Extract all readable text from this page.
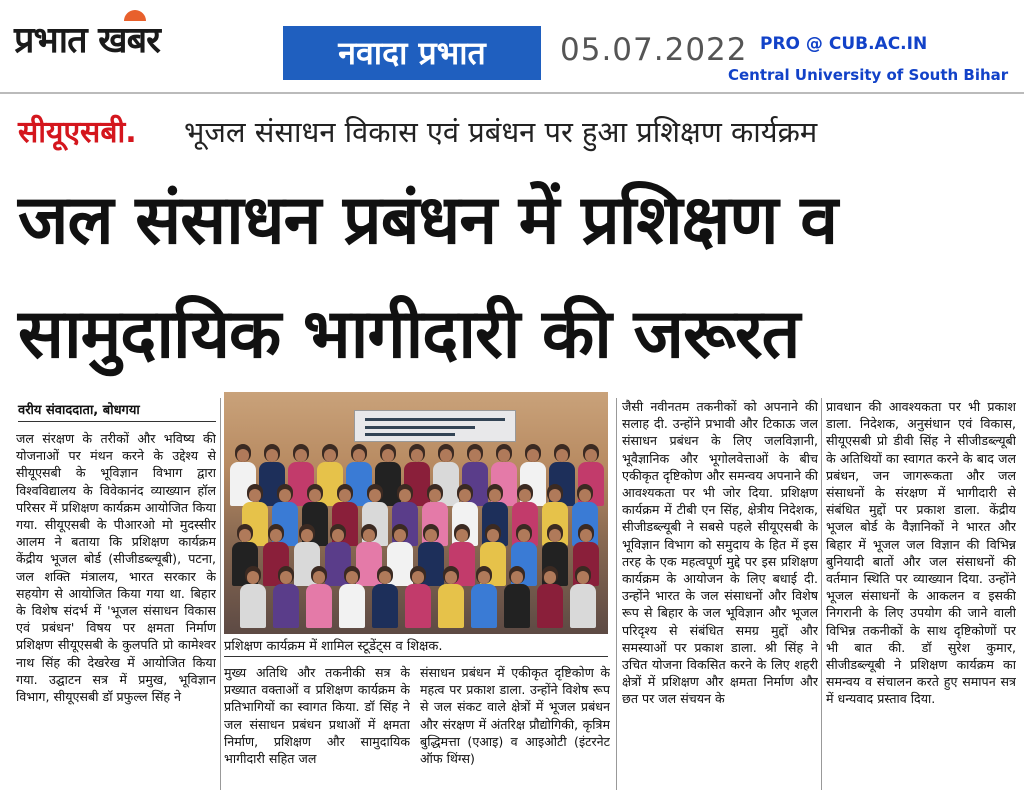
प्रभात खबर	नवादा प्रभात	05.07.2022 PRO @ CUB.AC.IN
Central University of South Bihar
सीयूएसबी. भूजल संसाधन विकास एवं प्रबंधन पर हुआ प्रशिक्षण कार्यक्रम
जल संसाधन प्रबंधन में प्रशिक्षण व
सामुदायिक भागीदारी की जरूरत
वरीय संवाददाता, बोधगया

जल संरक्षण के तरीकों और भविष्य की योजनाओं पर मंथन करने के उद्देश्य से सीयूएसबी के भूविज्ञान विभाग द्वारा विश्वविद्यालय के विवेकानंद व्याख्यान हॉल परिसर में प्रशिक्षण कार्यक्रम आयोजित किया गया. सीयूएसबी के पीआरओ मो मुदस्सीर आलम ने बताया कि प्रशिक्षण कार्यक्रम केंद्रीय भूजल बोर्ड (सीजीडब्ल्यूबी), पटना, जल शक्ति मंत्रालय, भारत सरकार के सहयोग से आयोजित किया गया था. बिहार के विशेष संदर्भ में 'भूजल संसाधन विकास एवं प्रबंधन' विषय पर क्षमता निर्माण प्रशिक्षण सीयूएसबी के कुलपति प्रो कामेश्वर नाथ सिंह की देखरेख में आयोजित किया गया. उद्घाटन सत्र में प्रमुख, भूविज्ञान विभाग, सीयूएसबी डॉ प्रफुल्ल सिंह ने

प्रशिक्षण कार्यक्रम में शामिल स्टूडेंट्स व शिक्षक.

मुख्य अतिथि और तकनीकी सत्र के प्रख्यात वक्ताओं व प्रशिक्षण कार्यक्रम के प्रतिभागियों का स्वागत किया. डॉ सिंह ने जल संसाधन प्रबंधन प्रथाओं में क्षमता निर्माण, प्रशिक्षण और सामुदायिक भागीदारी सहित जल

संसाधन प्रबंधन में एकीकृत दृष्टिकोण के महत्व पर प्रकाश डाला. उन्होंने विशेष रूप से जल संकट वाले क्षेत्रों में भूजल प्रबंधन और संरक्षण में अंतरिक्ष प्रौद्योगिकी, कृत्रिम बुद्धिमत्ता (एआइ) व आइओटी (इंटरनेट ऑफ थिंग्स)

जैसी नवीनतम तकनीकों को अपनाने की सलाह दी. उन्होंने प्रभावी और टिकाऊ जल संसाधन प्रबंधन के लिए जलविज्ञानी, भूवैज्ञानिक और भूगोलवेत्ताओं के बीच एकीकृत दृष्टिकोण और समन्वय अपनाने की आवश्यकता पर भी जोर दिया. प्रशिक्षण कार्यक्रम में टीबी एन सिंह, क्षेत्रीय निदेशक, सीजीडब्ल्यूबी ने सबसे पहले सीयूएसबी के भूविज्ञान विभाग को समुदाय के हित में इस तरह के एक महत्वपूर्ण मुद्दे पर इस प्रशिक्षण कार्यक्रम के आयोजन के लिए बधाई दी. उन्होंने भारत के जल संसाधनों और विशेष रूप से बिहार के जल भूविज्ञान और भूजल परिदृश्य से संबंधित समग्र मुद्दों और समस्याओं पर प्रकाश डाला. श्री सिंह ने उचित योजना विकसित करने के लिए शहरी क्षेत्रों में प्रशिक्षण और क्षमता निर्माण और छत पर जल संचयन के

प्रावधान की आवश्यकता पर भी प्रकाश डाला. निदेशक, अनुसंधान एवं विकास, सीयूएसबी प्रो डीवी सिंह ने सीजीडब्ल्यूबी के अतिथियों का स्वागत करने के बाद जल प्रबंधन, जन जागरूकता और जल संसाधनों के संरक्षण में भागीदारी से संबंधित मुद्दों पर प्रकाश डाला. केंद्रीय भूजल बोर्ड के वैज्ञानिकों ने भारत और बिहार में भूजल जल विज्ञान की विभिन्न बुनियादी बातों और जल संसाधनों की वर्तमान स्थिति पर व्याख्यान दिया. उन्होंने भूजल संसाधनों के आकलन व इसकी निगरानी के लिए उपयोग की जाने वाली विभिन्न तकनीकों के साथ दृष्टिकोणों पर भी बात की. डॉ सुरेश कुमार, सीजीडब्ल्यूबी ने प्रशिक्षण कार्यक्रम का समन्वय व संचालन करते हुए समापन सत्र में धन्यवाद प्रस्ताव दिया.
